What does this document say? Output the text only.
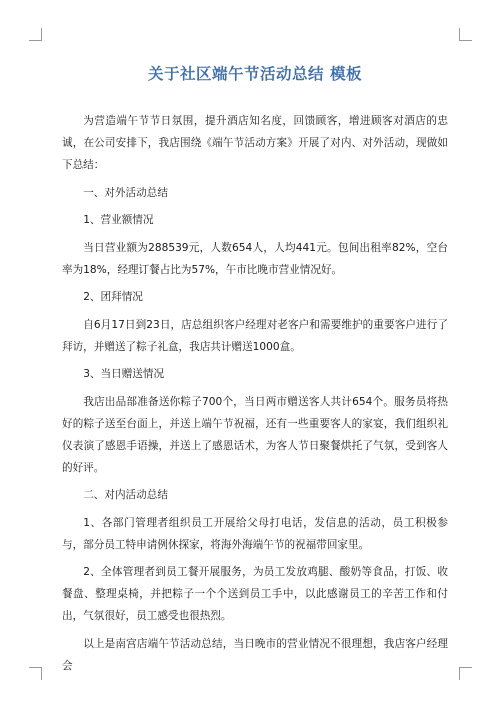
关于社区端午节活动总结 模板

为营造端午节节日氛围，提升酒店知名度，回馈顾客，增进顾客对酒店的忠诚，在公司安排下，我店围绕《端午节活动方案》开展了对内、对外活动，现做如下总结：

一、对外活动总结

1、营业额情况

当日营业额为288539元，人数654人，人均441元。包间出租率82%，空台率为18%，经理订餐占比为57%，午市比晚市营业情况好。

2、团拜情况

自6月17日到23日，店总组织客户经理对老客户和需要维护的重要客户进行了拜访，并赠送了粽子礼盒，我店共计赠送1000盒。

3、当日赠送情况

我店出品部准备送你粽子700个，当日两市赠送客人共计654个。服务员将热好的粽子送至台面上，并送上端午节祝福，还有一些重要客人的家宴，我们组织礼仪表演了感恩手语操，并送上了感恩话术，为客人节日聚餐烘托了气氛，受到客人的好评。

二、对内活动总结

1、各部门管理者组织员工开展给父母打电话，发信息的活动，员工积极参与，部分员工特申请例休探家，将海外海端午节的祝福带回家里。

2、全体管理者到员工餐开展服务，为员工发放鸡腿、酸奶等食品，打饭、收餐盘、整理桌椅，并把粽子一个个送到员工手中，以此感谢员工的辛苦工作和付出，气氛很好，员工感受也很热烈。

以上是南宫店端午节活动总结，当日晚市的营业情况不很理想，我店客户经理会
